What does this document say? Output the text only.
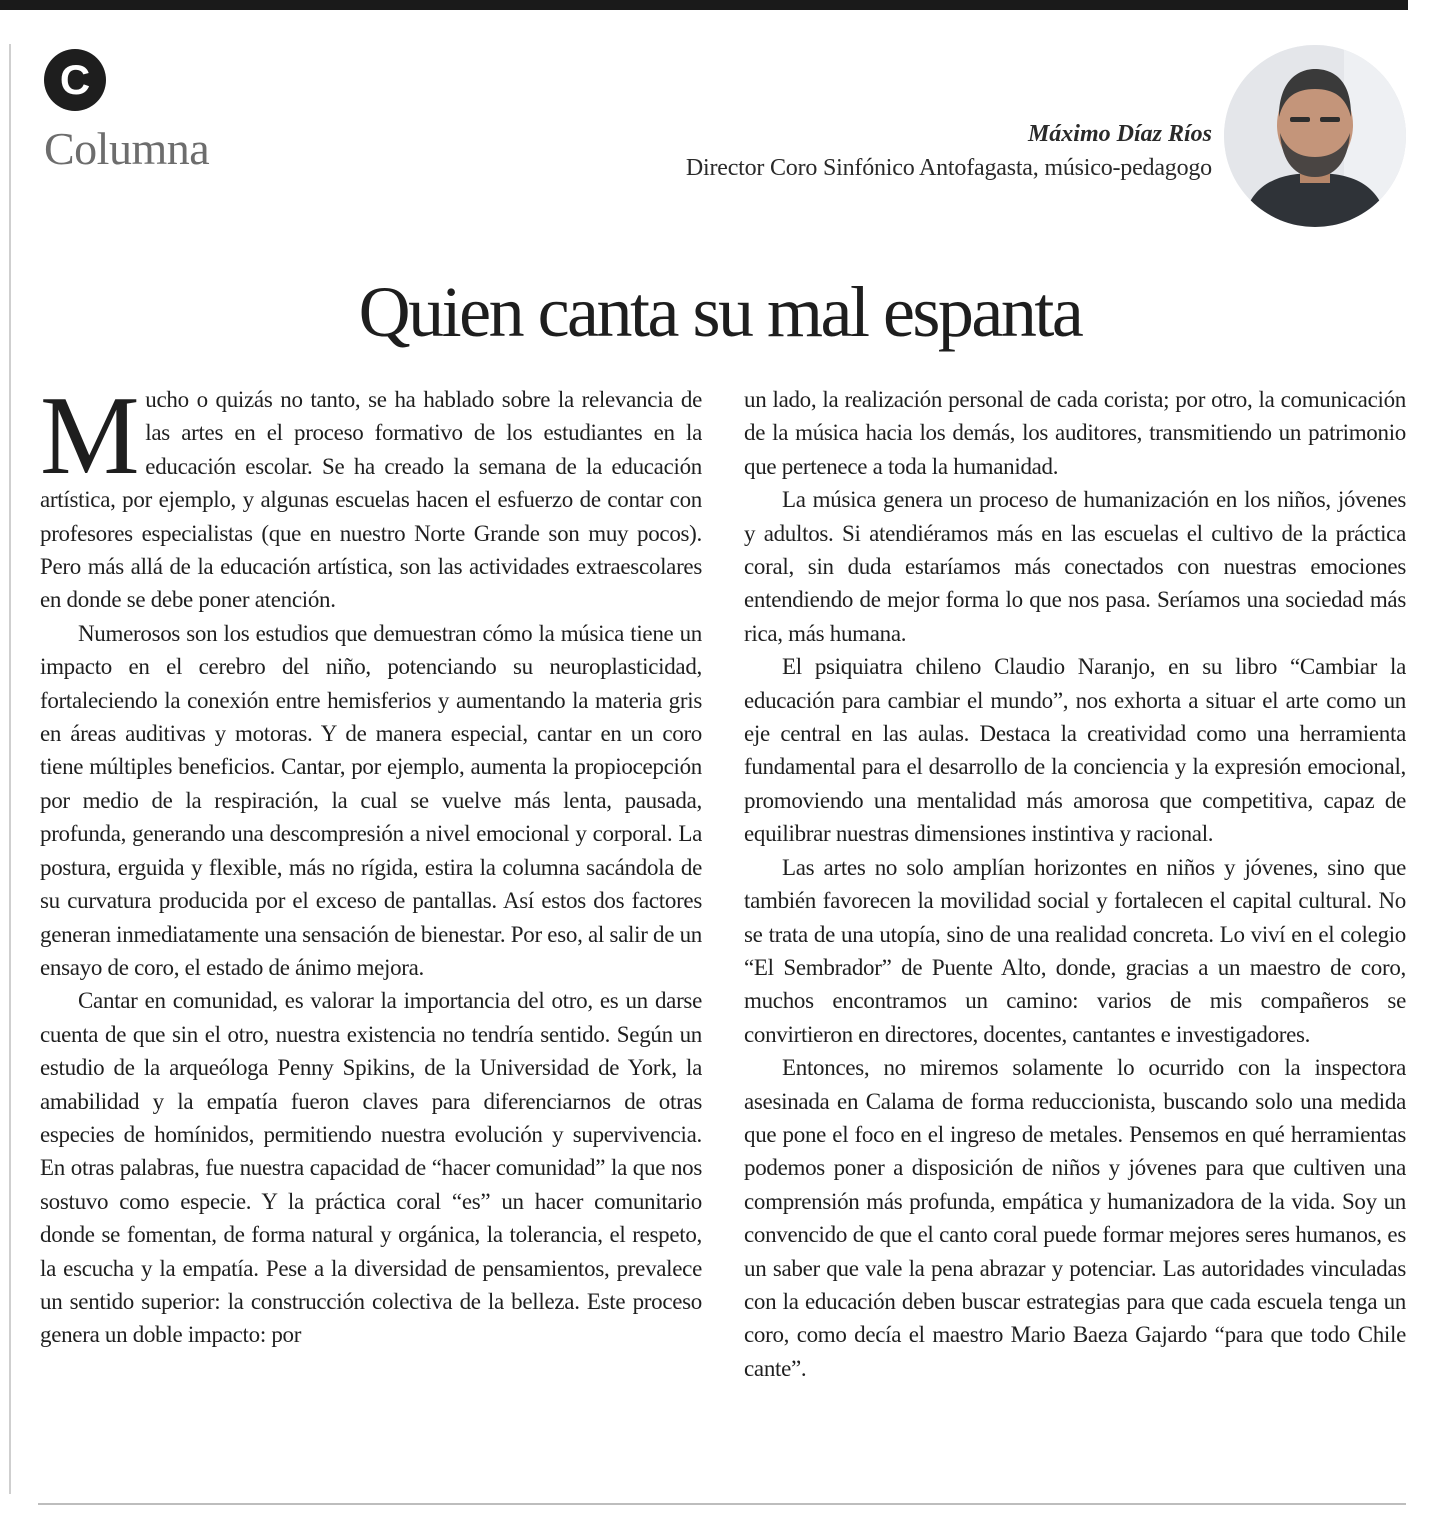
C
Columna	Máximo Díaz Ríos
Director Coro Sinfónico Antofagasta, músico-pedagogo
Quien canta su mal espanta

Mucho o quizás no tanto, se ha hablado sobre la relevancia de las artes en el proceso formativo de los estudiantes en la educación escolar. Se ha creado la semana de la educación artística, por ejemplo, y algunas escuelas hacen el esfuerzo de contar con profesores especialistas (que en nuestro Norte Grande son muy pocos). Pero más allá de la educación artística, son las actividades extraescolares en donde se debe poner atención.

Numerosos son los estudios que demuestran cómo la música tiene un impacto en el cerebro del niño, potenciando su neuroplasticidad, fortaleciendo la conexión entre hemisferios y aumentando la materia gris en áreas auditivas y motoras. Y de manera especial, cantar en un coro tiene múltiples beneficios. Cantar, por ejemplo, aumenta la propiocepción por medio de la respiración, la cual se vuelve más lenta, pausada, profunda, generando una descompresión a nivel emocional y corporal. La postura, erguida y flexible, más no rígida, estira la columna sacándola de su curvatura producida por el exceso de pantallas. Así estos dos factores generan inmediatamente una sensación de bienestar. Por eso, al salir de un ensayo de coro, el estado de ánimo mejora.

Cantar en comunidad, es valorar la importancia del otro, es un darse cuenta de que sin el otro, nuestra existencia no tendría sentido. Según un estudio de la arqueóloga Penny Spikins, de la Universidad de York, la amabilidad y la empatía fueron claves para diferenciarnos de otras especies de homínidos, permitiendo nuestra evolución y supervivencia. En otras palabras, fue nuestra capacidad de “hacer comunidad” la que nos sostuvo como especie. Y la práctica coral “es” un hacer comunitario donde se fomentan, de forma natural y orgánica, la tolerancia, el respeto, la escucha y la empatía. Pese a la diversidad de pensamientos, prevalece un sentido superior: la construcción colectiva de la belleza. Este proceso genera un doble impacto: por

un lado, la realización personal de cada corista; por otro, la comunicación de la música hacia los demás, los auditores, transmitiendo un patrimonio que pertenece a toda la humanidad.

La música genera un proceso de humanización en los niños, jóvenes y adultos. Si atendiéramos más en las escuelas el cultivo de la práctica coral, sin duda estaríamos más conectados con nuestras emociones entendiendo de mejor forma lo que nos pasa. Seríamos una sociedad más rica, más humana.

El psiquiatra chileno Claudio Naranjo, en su libro “Cambiar la educación para cambiar el mundo”, nos exhorta a situar el arte como un eje central en las aulas. Destaca la creatividad como una herramienta fundamental para el desarrollo de la conciencia y la expresión emocional, promoviendo una mentalidad más amorosa que competitiva, capaz de equilibrar nuestras dimensiones instintiva y racional.

Las artes no solo amplían horizontes en niños y jóvenes, sino que también favorecen la movilidad social y fortalecen el capital cultural. No se trata de una utopía, sino de una realidad concreta. Lo viví en el colegio “El Sembrador” de Puente Alto, donde, gracias a un maestro de coro, muchos encontramos un camino: varios de mis compañeros se convirtieron en directores, docentes, cantantes e investigadores.

Entonces, no miremos solamente lo ocurrido con la inspectora asesinada en Calama de forma reduccionista, buscando solo una medida que pone el foco en el ingreso de metales. Pensemos en qué herramientas podemos poner a disposición de niños y jóvenes para que cultiven una comprensión más profunda, empática y humanizadora de la vida. Soy un convencido de que el canto coral puede formar mejores seres humanos, es un saber que vale la pena abrazar y potenciar. Las autoridades vinculadas con la educación deben buscar estrategias para que cada escuela tenga un coro, como decía el maestro Mario Baeza Gajardo “para que todo Chile cante”.
